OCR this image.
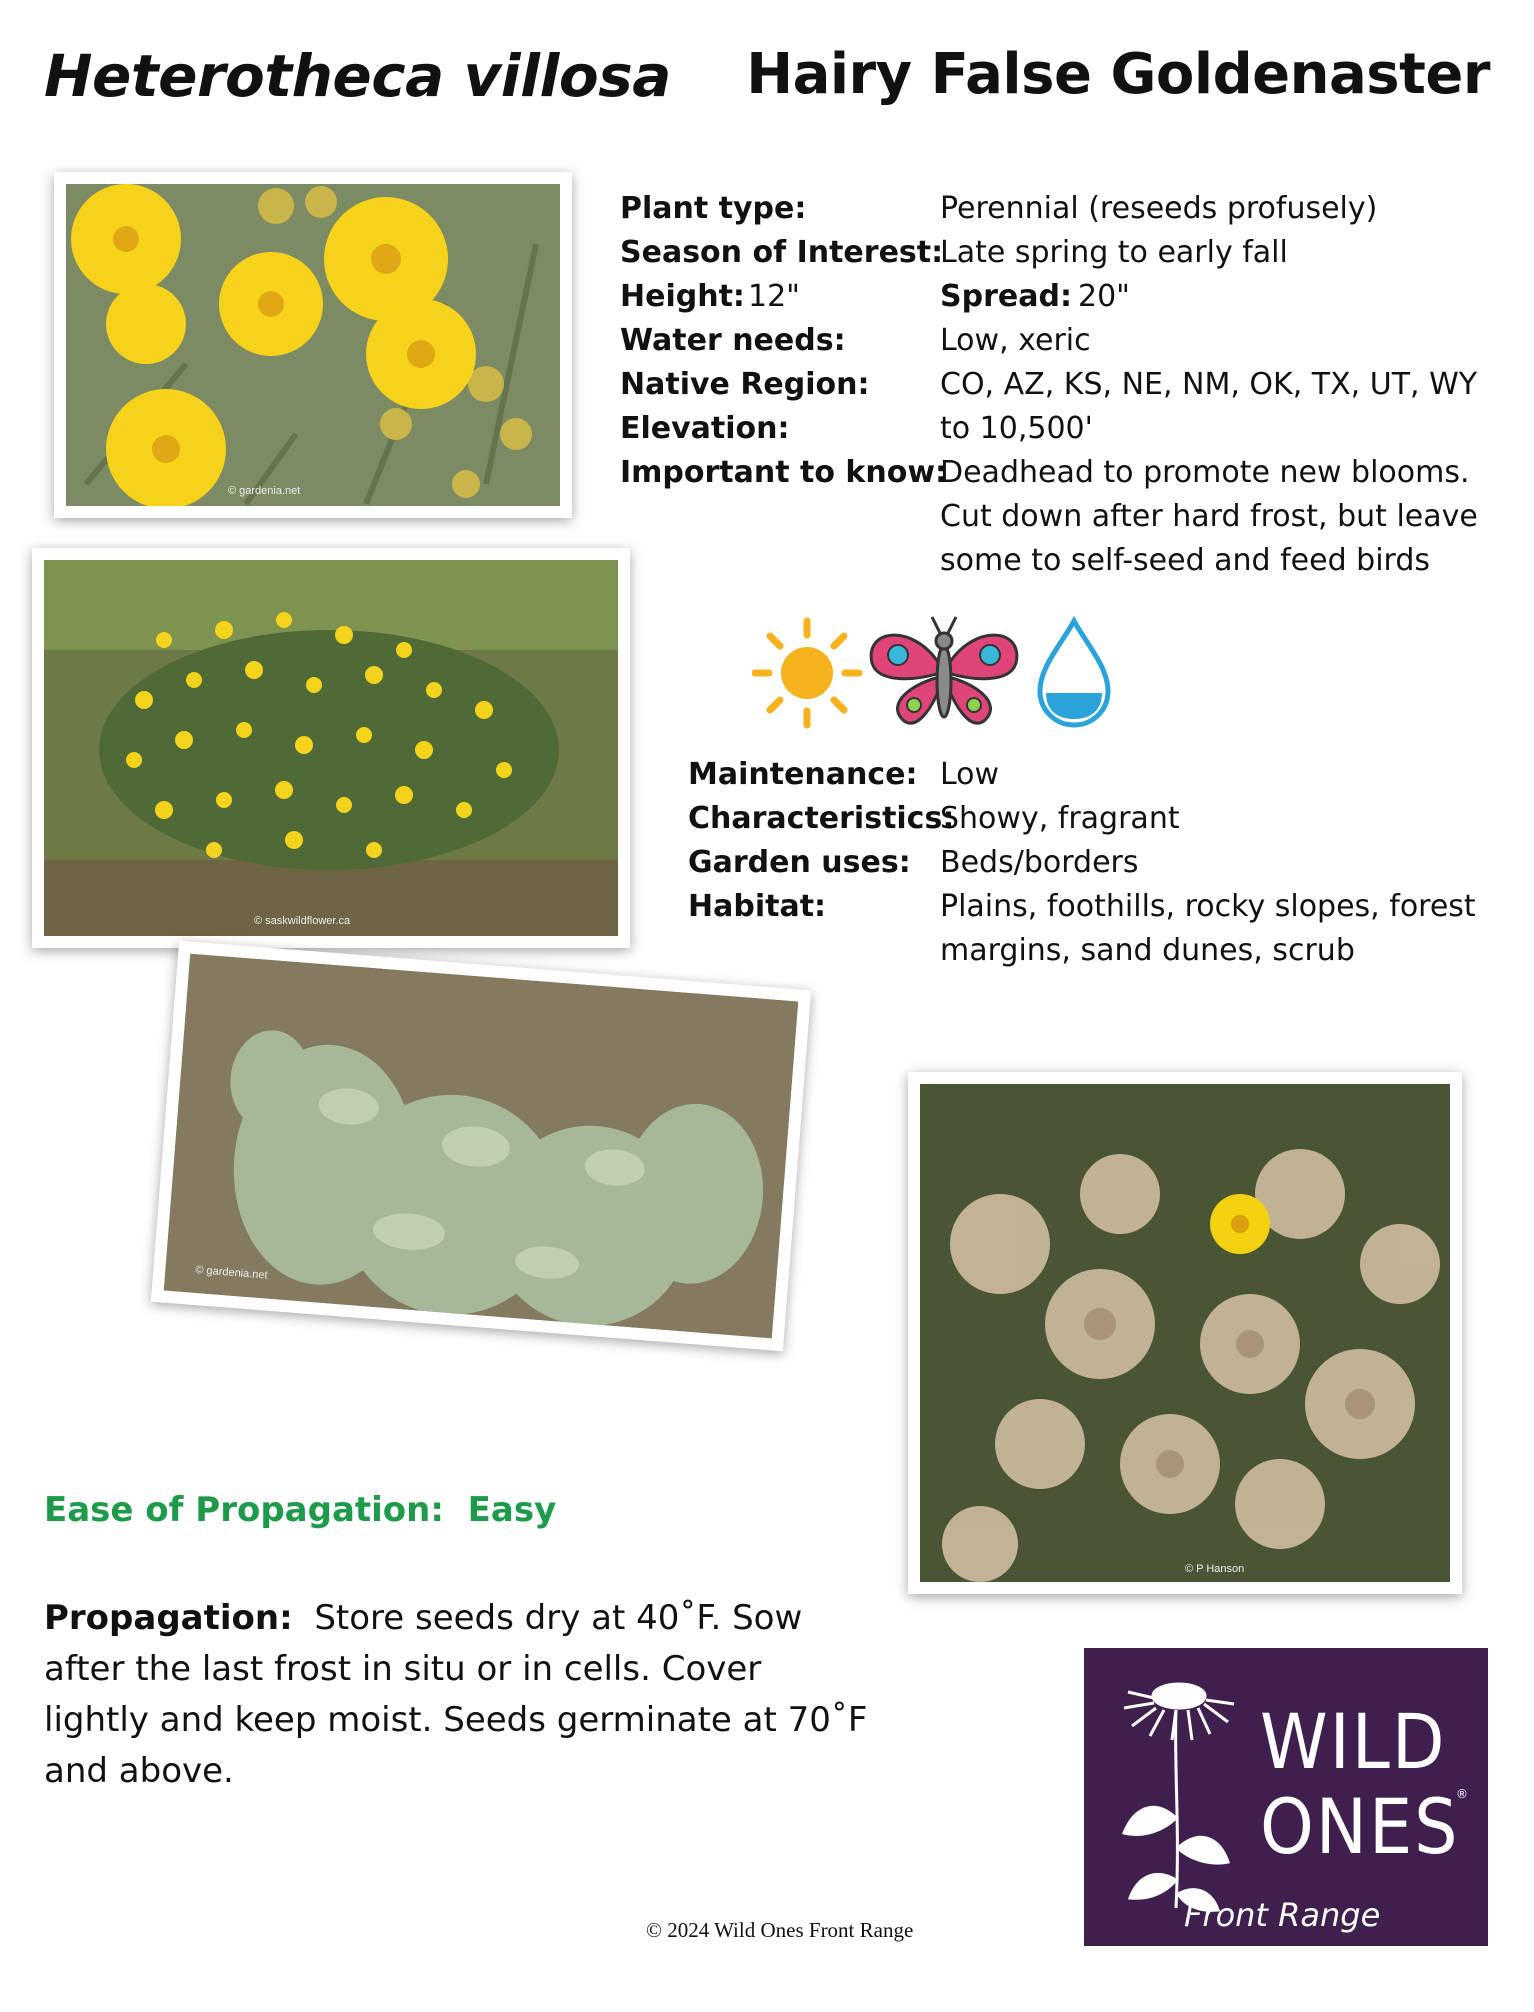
Heterotheca villosa Hairy False Goldenaster
© gardenia.net
© saskwildflower.ca
© gardenia.net
© P Hanson
Plant type:	Perennial (reseeds profusely)
Season of Interest:
Late spring to early fall
Height: 12"	Spread: 20"
Water needs:	Low, xeric
Native Region: CO, AZ, KS, NE, NM, OK, TX, UT, WY
Elevation:	to 10,500'
Important to know:
Deadhead to promote new blooms.
Cut down after hard frost, but leave
some to self-seed and feed birds
Maintenance: Low
Characteristics:
Showy, fragrant
Garden uses: Beds/borders
Habitat:	Plains, foothills, rocky slopes, forest
margins, sand dunes, scrub
Ease of Propagation: Easy
Propagation: Store seeds dry at 40˚F. Sow after the last frost in situ or in cells. Cover lightly and keep moist. Seeds germinate at 70˚F and above.	WILD
ONES
®
Front Range
© 2024 Wild Ones Front Range
